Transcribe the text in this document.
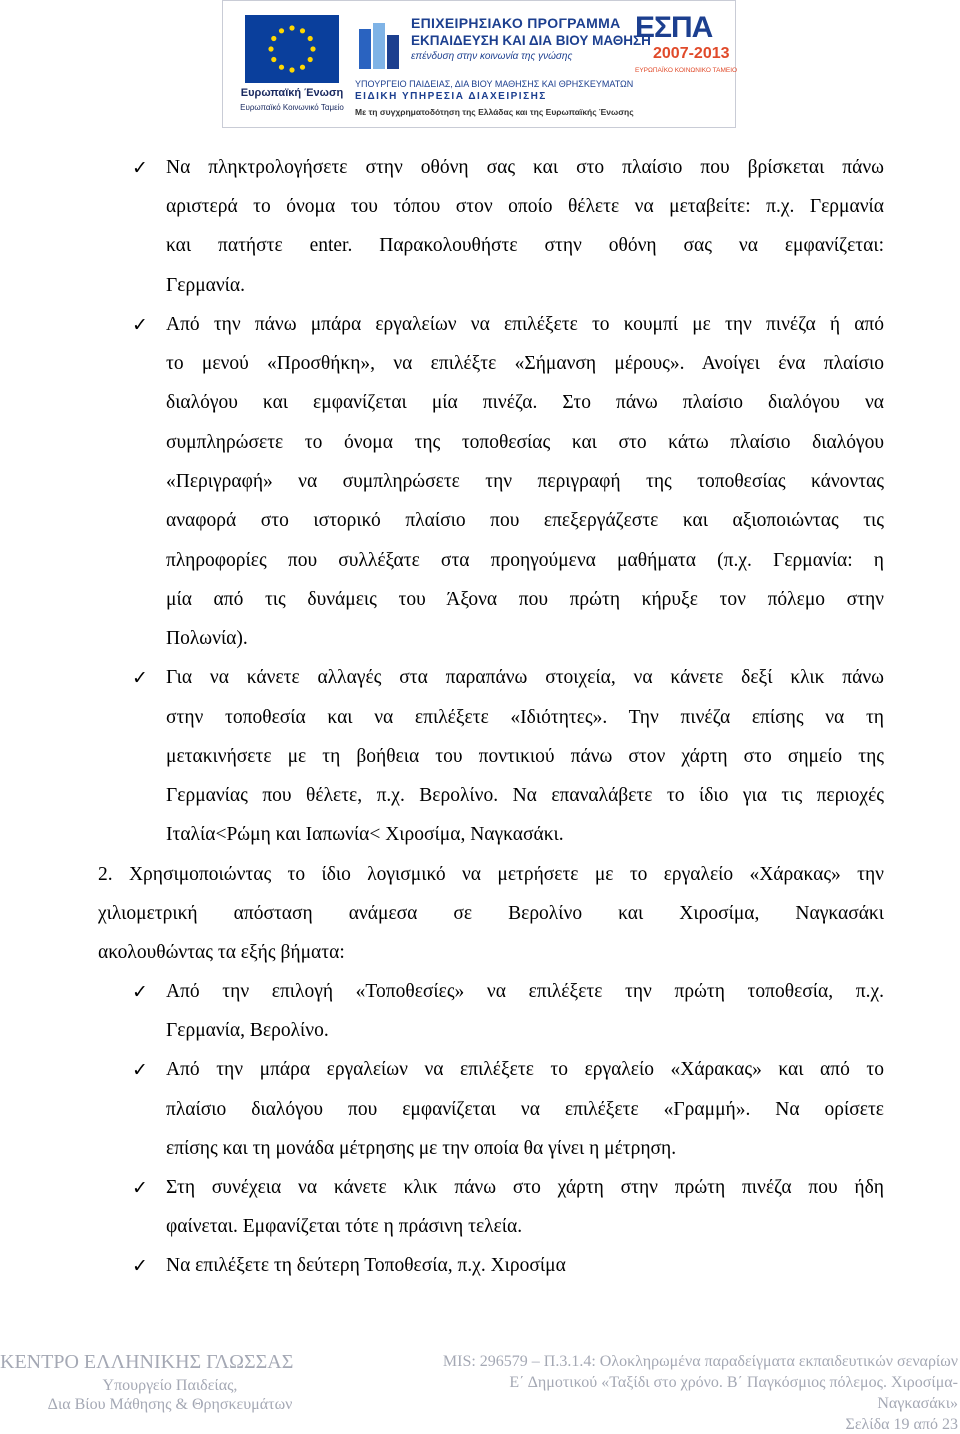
Ευρωπαϊκή Ένωση
Ευρωπαϊκό Κοινωνικό Ταμείο
ΕΠΙΧΕΙΡΗΣΙΑΚΟ ΠΡΟΓΡΑΜΜΑ
ΕΚΠΑΙΔΕΥΣΗ ΚΑΙ ΔΙΑ ΒΙΟΥ ΜΑΘΗΣΗ
επένδυση στην κοινωνία της γνώσης
ΥΠΟΥΡΓΕΙΟ ΠΑΙΔΕΙΑΣ, ΔΙΑ ΒΙΟΥ ΜΑΘΗΣΗΣ ΚΑΙ ΘΡΗΣΚΕΥΜΑΤΩΝ
ΕΙΔΙΚΗ ΥΠΗΡΕΣΙΑ ΔΙΑΧΕΙΡΙΣΗΣ
Με τη συγχρηματοδότηση της Ελλάδας και της Ευρωπαϊκής Ένωσης
ΕΣΠΑ
2007-2013
ΕΥΡΩΠΑΪΚΟ ΚΟΙΝΩΝΙΚΟ ΤΑΜΕΙΟ
✓
✓
✓
✓
✓
✓
✓
Να πληκτρολογήσετε στην οθόνη σας και στο πλαίσιο που βρίσκεται πάνω
αριστερά το όνομα του τόπου στον οποίο θέλετε να μεταβείτε: π.χ. Γερμανία
και πατήστε enter. Παρακολουθήστε στην οθόνη σας να εμφανίζεται:
Γερμανία.
Από την πάνω μπάρα εργαλείων να επιλέξετε το κουμπί με την πινέζα ή από
το μενού «Προσθήκη», να επιλέξτε «Σήμανση μέρους». Ανοίγει ένα πλαίσιο
διαλόγου και εμφανίζεται μία πινέζα. Στο πάνω πλαίσιο διαλόγου να
συμπληρώσετε το όνομα της τοποθεσίας και στο κάτω πλαίσιο διαλόγου
«Περιγραφή» να συμπληρώσετε την περιγραφή της τοποθεσίας κάνοντας
αναφορά στο ιστορικό πλαίσιο που επεξεργάζεστε και αξιοποιώντας τις
πληροφορίες που συλλέξατε στα προηγούμενα μαθήματα (π.χ. Γερμανία: η
μία από τις δυνάμεις του Άξονα που πρώτη κήρυξε τον πόλεμο στην
Πολωνία).
Για να κάνετε αλλαγές στα παραπάνω στοιχεία, να κάνετε δεξί κλικ πάνω
στην τοποθεσία και να επιλέξετε «Ιδιότητες». Την πινέζα επίσης να τη
μετακινήσετε με τη βοήθεια του ποντικιού πάνω στον χάρτη στο σημείο της
Γερμανίας που θέλετε, π.χ. Βερολίνο. Να επαναλάβετε το ίδιο για τις περιοχές
Ιταλία<Ρώμη και Ιαπωνία< Χιροσίμα, Ναγκασάκι.
2. Χρησιμοποιώντας το ίδιο λογισμικό να μετρήσετε με το εργαλείο «Χάρακας» την
χιλιομετρική απόσταση ανάμεσα σε Βερολίνο και Χιροσίμα, Ναγκασάκι
ακολουθώντας τα εξής βήματα:
Από την επιλογή «Τοποθεσίες» να επιλέξετε την πρώτη τοποθεσία, π.χ.
Γερμανία, Βερολίνο.
Από την μπάρα εργαλείων να επιλέξετε το εργαλείο «Χάρακας» και από το
πλαίσιο διαλόγου που εμφανίζεται να επιλέξετε «Γραμμή». Να ορίσετε
επίσης και τη μονάδα μέτρησης με την οποία θα γίνει η μέτρηση.
Στη συνέχεια να κάνετε κλικ πάνω στο χάρτη στην πρώτη πινέζα που ήδη
φαίνεται. Εμφανίζεται τότε η πράσινη τελεία.
Να επιλέξετε τη δεύτερη Τοποθεσία, π.χ. Χιροσίμα
ΚΕΝΤΡΟ ΕΛΛΗΝΙΚΗΣ ΓΛΩΣΣΑΣ
Υπουργείο Παιδείας,
Δια Βίου Μάθησης & Θρησκευμάτων
MIS: 296579 – Π.3.1.4: Ολοκληρωμένα παραδείγματα εκπαιδευτικών σεναρίων
Ε΄ Δημοτικού «Ταξίδι στο χρόνο. Β΄ Παγκόσμιος πόλεμος. Χιροσίμα-
Ναγκασάκι»
Σελίδα 19 από 23
